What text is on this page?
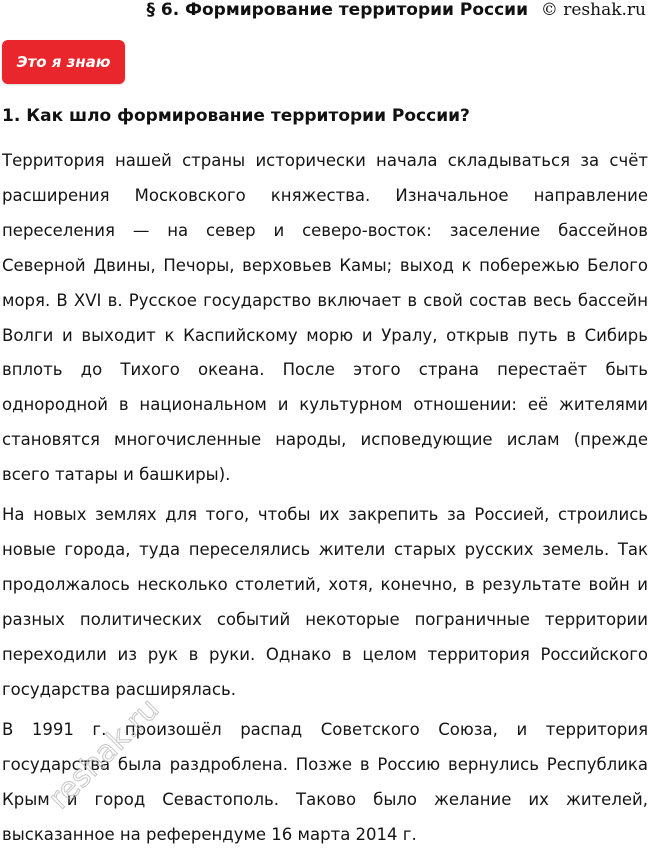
§ 6. Формирование территории России © reshak.ru
Это я знаю
1. Как шло формирование территории России?
Территория нашей страны исторически начала складываться за счёт расширения Московского княжества. Изначальное направление переселения — на север и северо-восток: заселение бассейнов Северной Двины, Печоры, верховьев Камы; выход к побережью Белого моря. В XVI в. Русское государство включает в свой состав весь бассейн Волги и выходит к Каспийскому морю и Уралу, открыв путь в Сибирь вплоть до Тихого океана. После этого страна перестаёт быть однородной в национальном и культурном отношении: её жителями становятся многочисленные народы, исповедующие ислам (прежде всего татары и башкиры).
На новых землях для того, чтобы их закрепить за Россией, строились новые города, туда переселялись жители старых русских земель. Так продолжалось несколько столетий, хотя, конечно, в результате войн и разных политических событий некоторые пограничные территории переходили из рук в руки. Однако в целом территория Российского государства расширялась.
В 1991 г. произошёл распад Советского Союза, и территория государства была раздроблена. Позже в Россию вернулись Республика Крым и город Севастополь. Таково было желание их жителей, высказанное на референдуме 16 марта 2014 г.
reshak.ru
